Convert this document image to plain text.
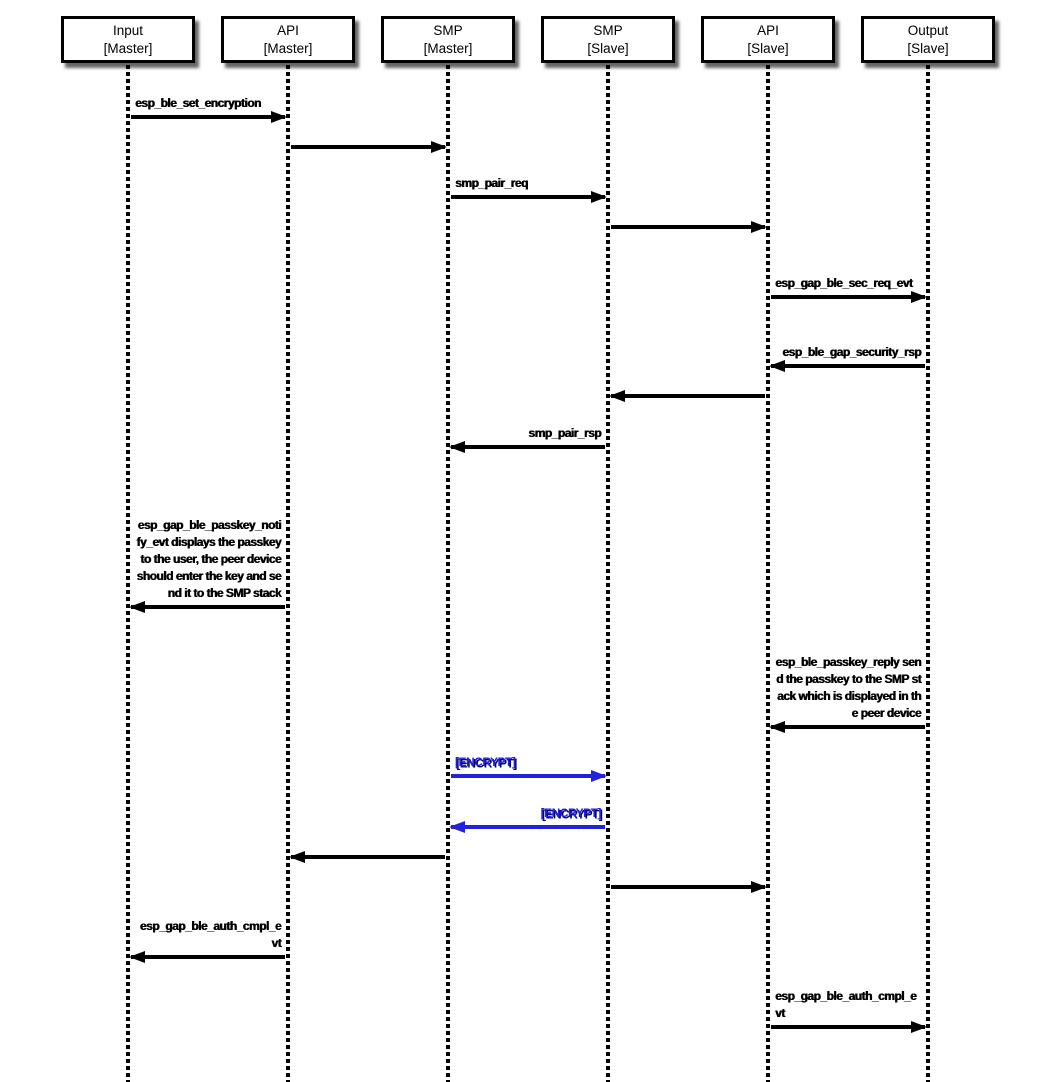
Input
[Master]
API
[Master]
SMP
[Master]
SMP
[Slave]
API
[Slave]
Output
[Slave]
esp_ble_set_encryption
smp_pair_req
esp_gap_ble_sec_req_evt
esp_ble_gap_security_rsp
smp_pair_rsp
esp_gap_ble_passkey_notify_evt displays the passkey to the user, the peer device should enter the key and send it to the SMP stack
esp_ble_passkey_reply send the passkey to the SMP stack which is displayed in the peer device
[ENCRYPT]
[ENCRYPT]
esp_gap_ble_auth_cmpl_evt
esp_gap_ble_auth_cmpl_evt
